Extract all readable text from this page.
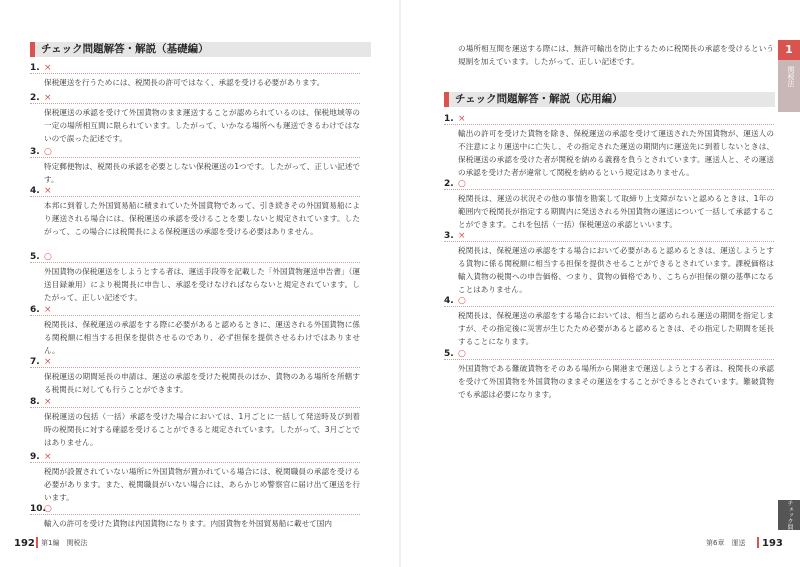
チェック問題解答・解説（基礎編）
1. ×
保税運送を行うためには、税関長の許可ではなく、承認を受ける必要があります。
2. ×
保税運送の承認を受けて外国貨物のまま運送することが認められているのは、保税地域等の一定の場所相互間に限られています。したがって、いかなる場所へも運送できるわけではないので誤った記述です。
3. ○
特定郵便物は、税関長の承認を必要としない保税運送の1つです。したがって、正しい記述です。
4. ×
本邦に到着した外国貿易船に積まれていた外国貨物であって、引き続きその外国貿易船により運送される場合には、保税運送の承認を受けることを要しないと規定されています。したがって、この場合には税関長による保税運送の承認を受ける必要はありません。
5. ○
外国貨物の保税運送をしようとする者は、運送手段等を記載した「外国貨物運送申告書」（運送目録兼用）により税関長に申告し、承認を受けなければならないと規定されています。したがって、正しい記述です。
6. ×
税関長は、保税運送の承認をする際に必要があると認めるときに、運送される外国貨物に係る関税額に相当する担保を提供させるのであり、必ず担保を提供させるわけではありません。
7. ×
保税運送の期間延長の申請は、運送の承認を受けた税関長のほか、貨物のある場所を所轄する税関長に対しても行うことができます。
8. ×
保税運送の包括（一括）承認を受けた場合においては、1月ごとに一括して発送時及び到着時の税関長に対する確認を受けることができると規定されています。したがって、3月ごとではありません。
9. ×
税関が設置されていない場所に外国貨物が置かれている場合には、税関職員の承認を受ける必要があります。また、税関職員がいない場合には、あらかじめ警察官に届け出て運送を行います。
10.
○
輸入の許可を受けた貨物は内国貨物になります。内国貨物を外国貿易船に載せて国内
192 第1編　関税法
の場所相互間を運送する際には、無許可輸出を防止するために税関長の承認を受けるという規制を加えています。したがって、正しい記述です。
チェック問題解答・解説（応用編）
1. ×
輸出の許可を受けた貨物を除き、保税運送の承認を受けて運送された外国貨物が、運送人の不注意により運送中に亡失し、その指定された運送の期間内に運送先に到着しないときは、保税運送の承認を受けた者が関税を納める義務を負うとされています。運送人と、その運送の承認を受けた者が違常して関税を納めるという規定はありません。
2. ○
税関長は、運送の状況その他の事情を勘案して取締り上支障がないと認めるときは、1年の範囲内で税関長が指定する期間内に発送される外国貨物の運送について一括して承認することができます。これを包括（一括）保税運送の承認といいます。
3. ×
税関長は、保税運送の承認をする場合において必要があると認めるときは、運送しようとする貨物に係る関税額に相当する担保を提供させることができるとされています。課税価格は輸入貨物の税関への申告価格、つまり、貨物の価格であり、こちらが担保の額の基準になることはありません。
4. ○
税関長は、保税運送の承認をする場合においては、相当と認められる運送の期間を指定しますが、その指定後に災害が生じたため必要があると認めるときは、その指定した期間を延長することになります。
5. ○
外国貨物である難破貨物をそのある場所から開港まで運送しようとする者は、税関長の承認を受けて外国貨物を外国貨物のままその運送をすることができるとされています。難破貨物でも承認は必要になります。
第6章　運送 193
1
関税法
チェック問題
